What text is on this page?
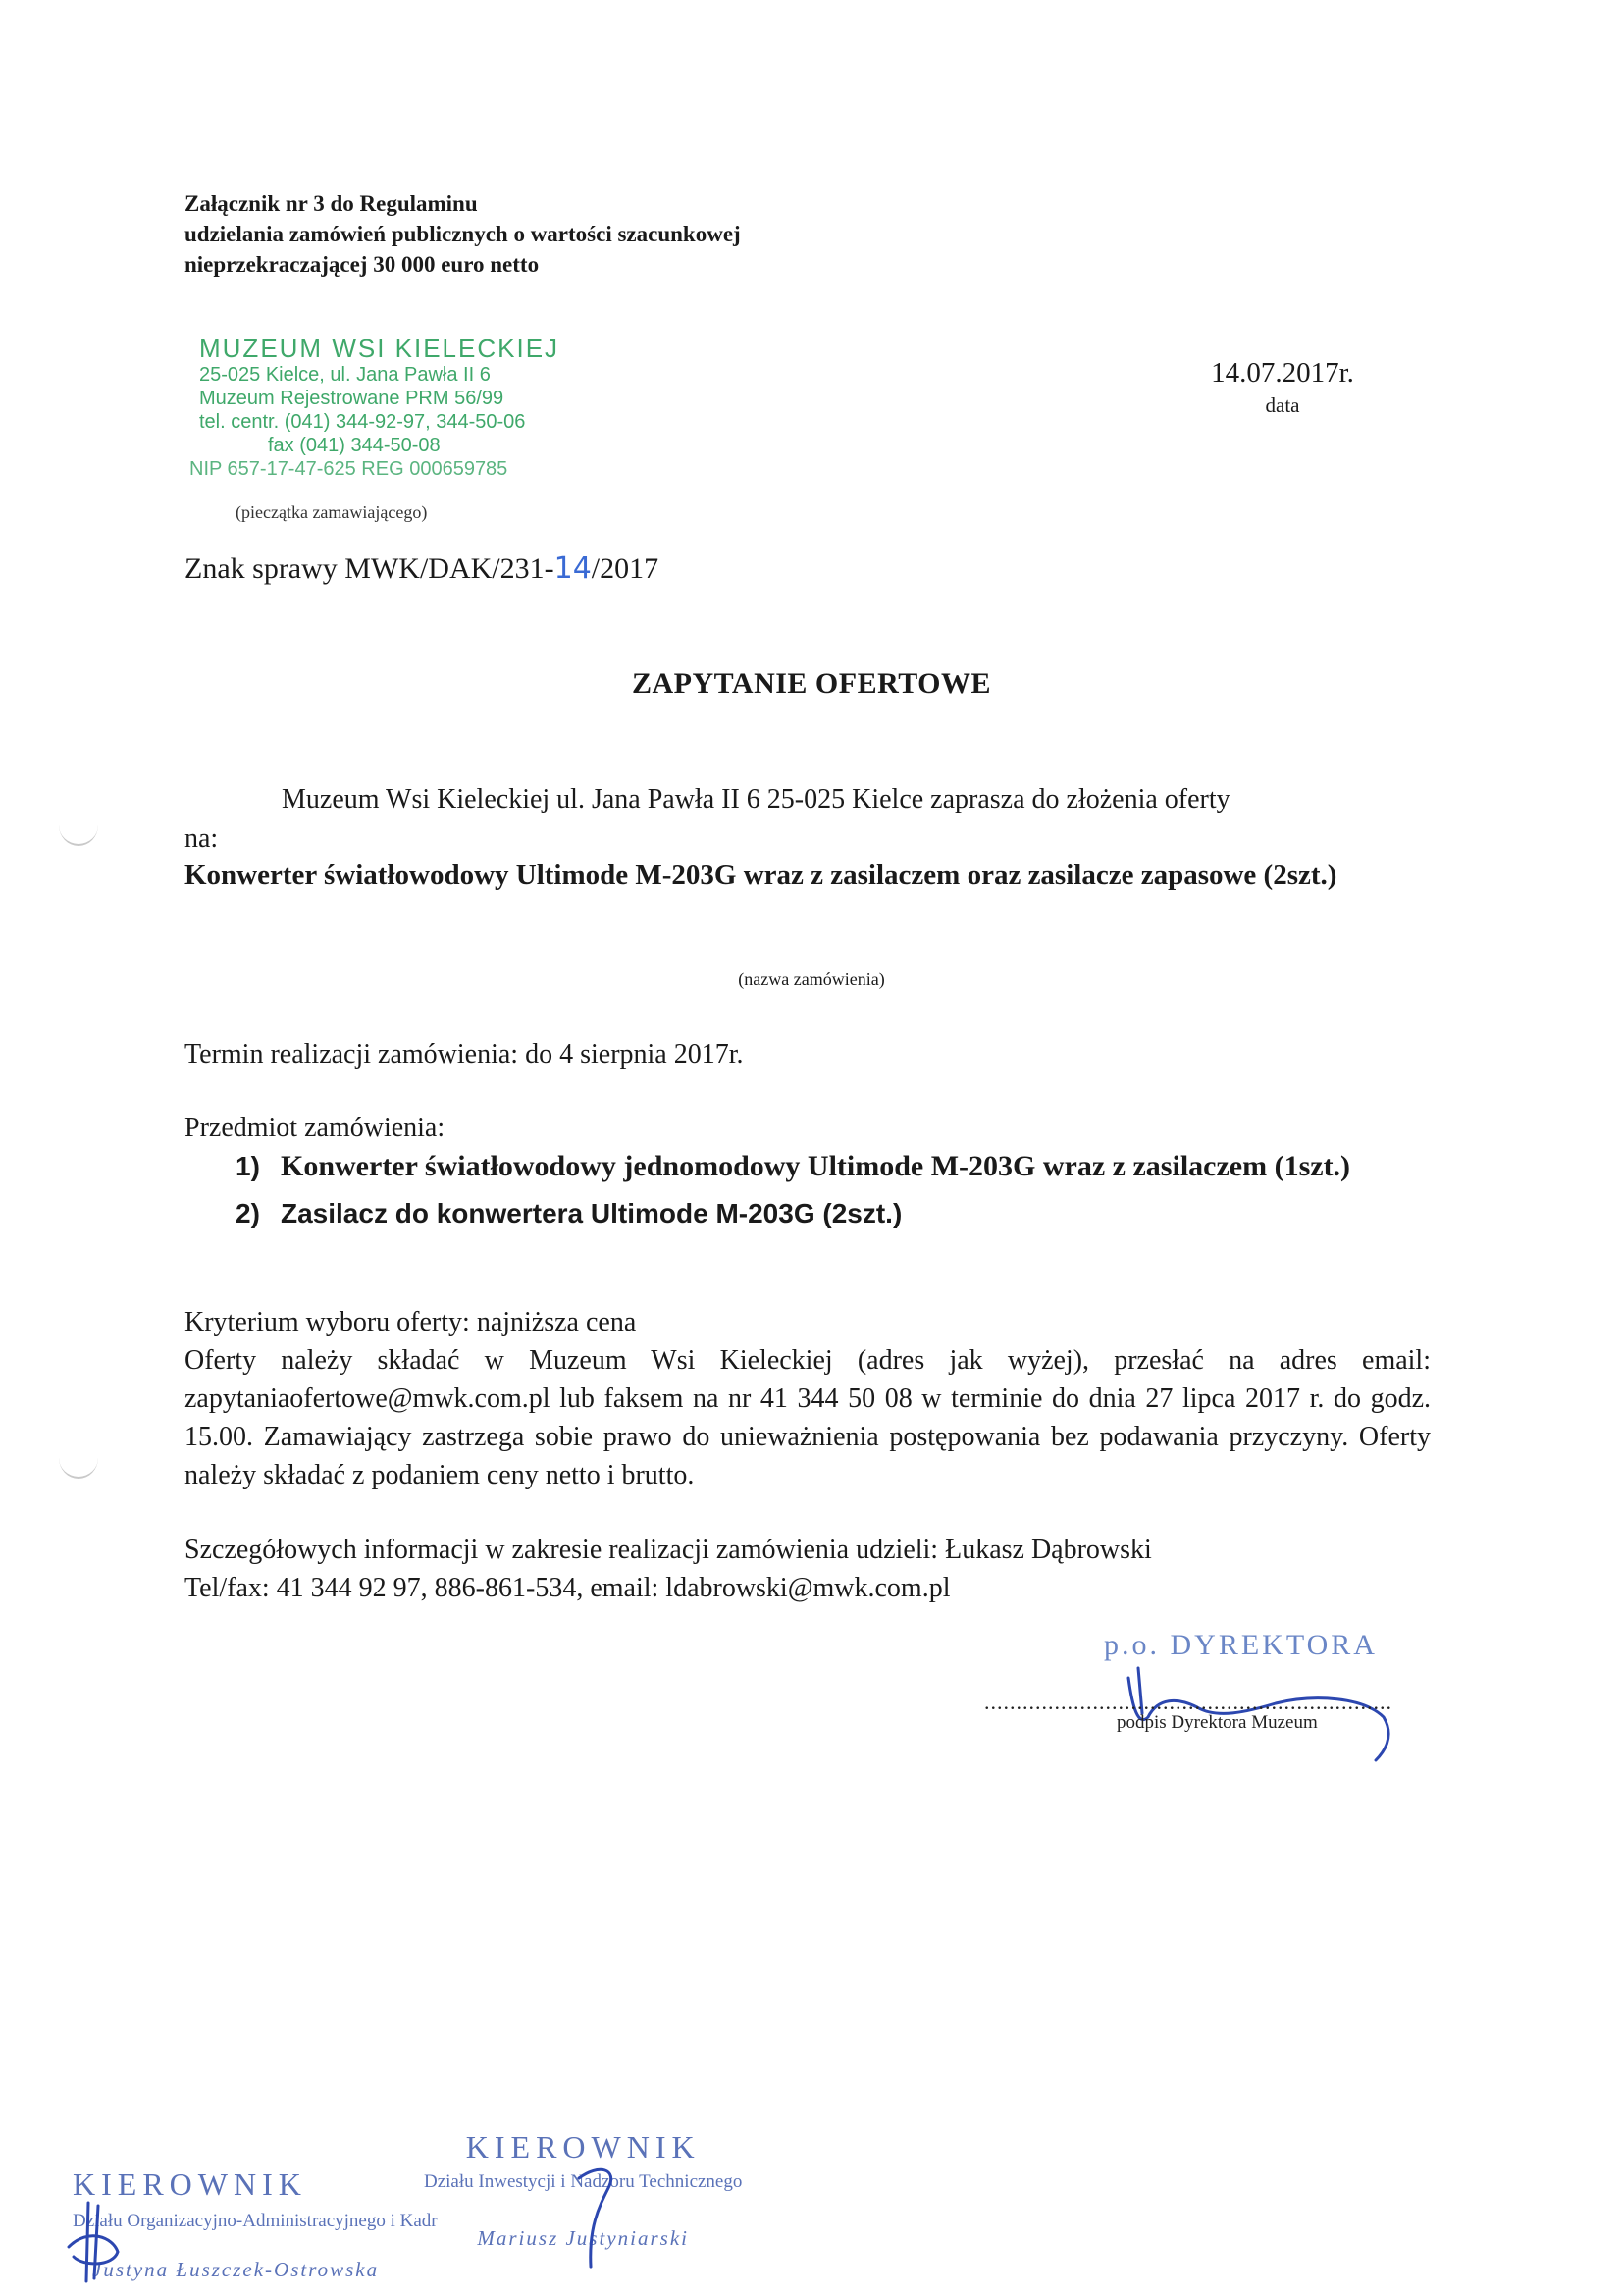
Załącznik nr 3 do Regulaminu
udzielania zamówień publicznych o wartości szacunkowej
nieprzekraczającej 30 000 euro netto
MUZEUM WSI KIELECKIEJ
25-025 Kielce, ul. Jana Pawła II 6
Muzeum Rejestrowane PRM 56/99
tel. centr. (041) 344-92-97, 344-50-06
fax (041) 344-50-08
NIP 657-17-47-625 REG 000659785
(pieczątka zamawiającego)
14.07.2017r.
data
Znak sprawy MWK/DAK/231-14/2017
ZAPYTANIE OFERTOWE
Muzeum Wsi Kieleckiej ul. Jana Pawła II 6 25-025 Kielce zaprasza do złożenia oferty
na:
Konwerter światłowodowy Ultimode M-203G wraz z zasilaczem oraz zasilacze zapasowe (2szt.)
(nazwa zamówienia)
Termin realizacji zamówienia: do 4 sierpnia 2017r.
Przedmiot zamówienia:
1) Konwerter światłowodowy jednomodowy Ultimode M-203G wraz z zasilaczem (1szt.)
2) Zasilacz do konwertera Ultimode M-203G (2szt.)
Kryterium wyboru oferty: najniższa cena
Oferty należy składać w Muzeum Wsi Kieleckiej (adres jak wyżej), przesłać na adres email: zapytaniaofertowe@mwk.com.pl lub faksem na nr 41 344 50 08 w terminie do dnia 27 lipca 2017 r. do godz. 15.00. Zamawiający zastrzega sobie prawo do unieważnienia postępowania bez podawania przyczyny. Oferty należy składać z podaniem ceny netto i brutto.
Szczegółowych informacji w zakresie realizacji zamówienia udzieli: Łukasz Dąbrowski
Tel/fax: 41 344 92 97, 886-861-534, email: ldabrowski@mwk.com.pl
p.o. DYREKTORA
................................................................
podpis Dyrektora Muzeum
KIEROWNIK
Działu Organizacyjno-Administracyjnego i Kadr
Justyna Łuszczek-Ostrowska
KIEROWNIK
Działu Inwestycji i Nadzoru Technicznego
Mariusz Justyniarski
